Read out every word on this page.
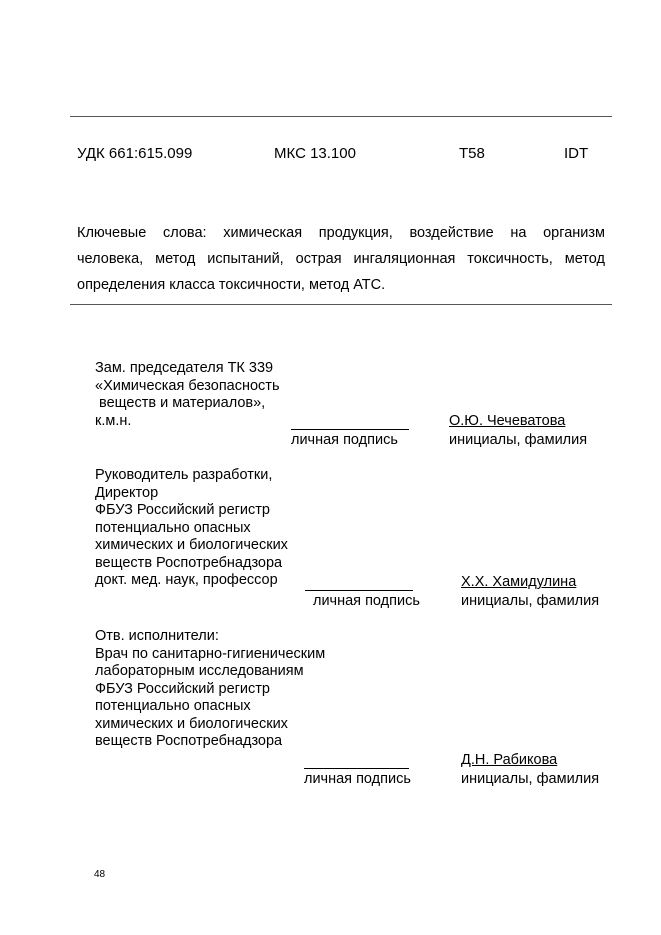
УДК 661:615.099	МКС 13.100	Т58	IDT
Ключевые слова: химическая продукция, воздействие на организм
человека, метод испытаний, острая ингаляционная токсичность, метод
определения класса токсичности, метод АТС.
Зам. председателя ТК 339
«Химическая безопасность
веществ и материалов»,
к.м.н.
личная подпись
О.Ю. Чечеватова
инициалы, фамилия
Руководитель разработки,
Директор
ФБУЗ Российский регистр
потенциально опасных
химических и биологических
веществ Роспотребнадзора
докт. мед. наук, профессор
личная подпись
Х.Х. Хамидулина
инициалы, фамилия
Отв. исполнители:
Врач по санитарно-гигиеническим
лабораторным исследованиям
ФБУЗ Российский регистр
потенциально опасных
химических и биологических
веществ Роспотребнадзора
личная подпись
Д.Н. Рабикова
инициалы, фамилия
48
